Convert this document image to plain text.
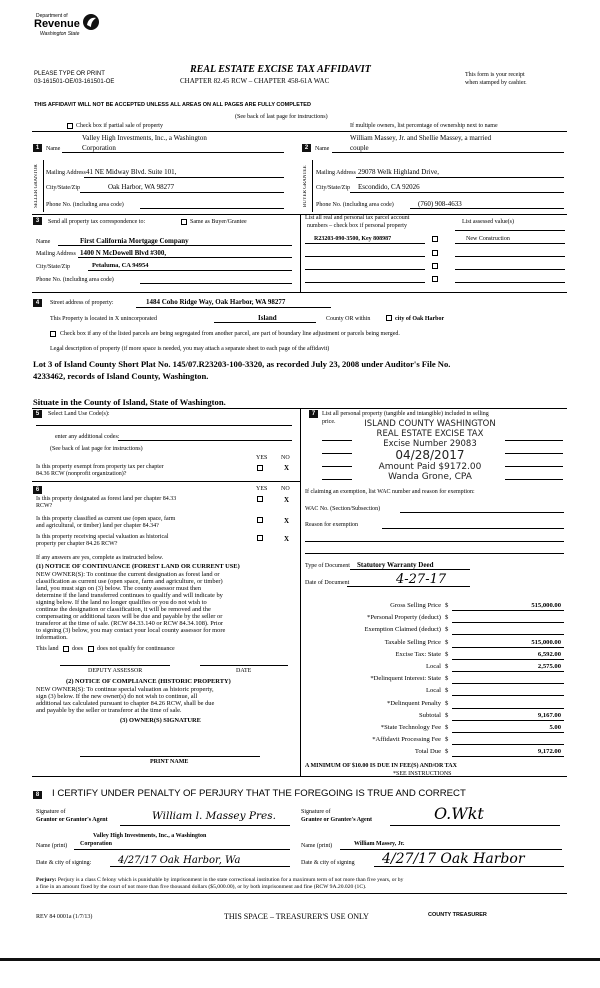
Department of
Revenue
Washington State
PLEASE TYPE OR PRINT
03-161501-OE/03-161501-OE
REAL ESTATE EXCISE TAX AFFIDAVIT
CHAPTER 82.45 RCW – CHAPTER 458-61A WAC
This form is your receipt
when stamped by cashier.
THIS AFFIDAVIT WILL NOT BE ACCEPTED UNLESS ALL AREAS ON ALL PAGES ARE FULLY COMPLETED
(See back of last page for instructions)
Check box if partial sale of property	If multiple owners, list percentage of ownership next to name
1
Valley High Investments, Inc., a Washington
Name	Corporation
SELLER GRANTOR	Mailing Address 41 NE Midway Blvd. Suite 101,
City/State/Zip	Oak Harbor, WA 98277
Phone No. (including area code)
2
William Massey, Jr. and Shellie Massey, a married
Name	couple
BUYER GRANTEE	Mailing Address 29078 Welk Highland Drive,
City/State/Zip Escondido, CA 92026
Phone No. (including area code)	(760) 908-4633
3	Send all property tax correspondence to:	Same as Buyer/Grantee
List all real and personal tax parcel account
numbers – check box if personal property
List assessed value(s)
Name	First California Mortgage Company
Mailing Address 1400 N McDowell Blvd #300,
City/State/Zip	Petaluma, CA 94954
Phone No. (including area code)
R23203-090-3500, Key 808987	New Construction
4	Street address of property:	1484 Coho Ridge Way, Oak Harbor, WA 98277
This Property is located in X unincorporated	Island	County OR within	city of Oak Harbor
Check box if any of the listed parcels are being segregated from another parcel, are part of boundary line adjustment or parcels being merged.
Legal description of property (if more space is needed, you may attach a separate sheet to each page of the affidavit)
Lot 3 of Island County Short Plat No. 145/07.R23203-100-3320, as recorded July 23, 2008 under Auditor's File No.
4233462, records of Island County, Washington.
Situate in the County of Island, State of Washington.
5	Select Land Use Code(s):
enter any additional codes:
(See back of last page for instructions)
YES NO
Is this property exempt from property tax per chapter
84.36 RCW (nonprofit organization)?
X
6	YES NO
Is this property designated as forest land per chapter 84.33
RCW?
X
Is this property classified as current use (open space, farm
and agricultural, or timber) land per chapter 84.34?
X
Is this property receiving special valuation as historical
property per chapter 84.26 RCW?
X
If any answers are yes, complete as instructed below.
(1) NOTICE OF CONTINUANCE (FOREST LAND OR CURRENT USE)
NEW OWNER(S): To continue the current designation as forest land or
classification as current use (open space, farm and agriculture, or timber)
land, you must sign on (3) below. The county assessor must then
determine if the land transferred continues to qualify and will indicate by
signing below. If the land no longer qualifies or you do not wish to
continue the designation or classification, it will be removed and the
compensating or additional taxes will be due and payable by the seller or
transferor at the time of sale. (RCW 84.33.140 or RCW 84.34.108). Prior
to signing (3) below, you may contact your local county assessor for more
information.
This land does does not qualify for continuance
DEPUTY ASSESSOR	DATE
(2) NOTICE OF COMPLIANCE (HISTORIC PROPERTY)
NEW OWNER(S): To continue special valuation as historic property,
sign (3) below. If the new owner(s) do not wish to continue, all
additional tax calculated pursuant to chapter 84.26 RCW, shall be due
and payable by the seller or transferor at the time of sale.
(3) OWNER(S) SIGNATURE
PRINT NAME
7	List all personal property (tangible and intangible) included in selling
price.	ISLAND COUNTY WASHINGTON
REAL ESTATE EXCISE TAX
Excise Number 29083
04/28/2017
Amount Paid $9172.00
Wanda Grone, CPA
If claiming an exemption, list WAC number and reason for exemption:
WAC No. (Section/Subsection)
Reason for exemption
Type of Document Statutory Warranty Deed
Date of Document	4-27-17
Gross Selling Price $	515,000.00
*Personal Property (deduct) $
Exemption Claimed (deduct) $
Taxable Selling Price $	515,000.00
Excise Tax: State $	6,592.00
Local $	2,575.00
*Delinquent Interest: State $
Local $
*Delinquent Penalty $
Subtotal $	9,167.00
*State Technology Fee $	5.00
*Affidavit Processing Fee $
Total Due $	9,172.00
A MINIMUM OF $10.00 IS DUE IN FEE(S) AND/OR TAX
*SEE INSTRUCTIONS
8 I CERTIFY UNDER PENALTY OF PERJURY THAT THE FOREGOING IS TRUE AND CORRECT
Signature of
Grantor or Grantor's Agent	William l. Massey Pres.	Signature of
Grantee or Grantee's Agent	O.Wkt
Valley High Investments, Inc., a Washington
Name (print) Corporation	Name (print)	William Massey, Jr.
Date & city of signing:	4/27/17 Oak Harbor, Wa	Date & city of signing 4/27/17 Oak Harbor
Perjury: Perjury is a class C felony which is punishable by imprisonment in the state correctional institution for a maximum term of not more than five years, or by
a fine in an amount fixed by the court of not more than five thousand dollars ($5,000.00), or by both imprisonment and fine (RCW 9A.20.020 (1C).
REV 84 0001a (1/7/13)	THIS SPACE – TREASURER'S USE ONLY	COUNTY TREASURER
